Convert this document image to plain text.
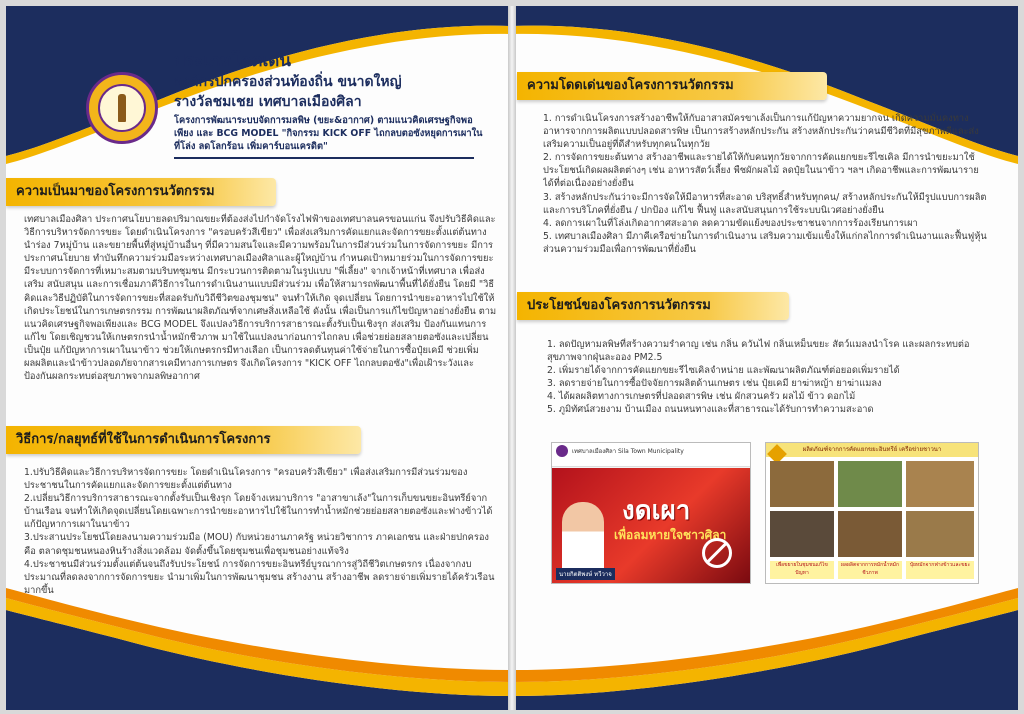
ประเภทโดดเด่น
องค์กรปกครองส่วนท้องถิ่น ขนาดใหญ่
รางวัลชมเชย เทศบาลเมืองศิลา
โครงการพัฒนาระบบจัดการมลพิษ (ขยะ&อากาศ) ตามแนวคิดเศรษฐกิจพอเพียง และ BCG MODEL "กิจกรรม KICK OFF ไถกลบตอซังหยุดการเผาในที่โล่ง ลดโลกร้อน เพิ่มคาร์บอนเครดิต"
ความเป็นมาของโครงการนวัตกรรม
เทศบาลเมืองศิลา ประกาศนโยบายลดปริมาณขยะที่ต้องส่งไปกำจัดโรงไฟฟ้าของเทศบาลนครขอนแก่น จึงปรับวิธีคิดและวิธีการบริหารจัดการขยะ โดยดำเนินโครงการ "ครอบครัวสีเขียว" เพื่อส่งเสริมการคัดแยกและจัดการขยะตั้งแต่ต้นทาง นำร่อง 7หมู่บ้าน และขยายพื้นที่สู่หมู่บ้านอื่นๆ ที่มีความสนใจและมีความพร้อมในการมีส่วนร่วมในการจัดการขยะ มีการประกาศนโยบาย ทำบันทึกความร่วมมือระหว่างเทศบาลเมืองศิลาและผู้ใหญ่บ้าน กำหนดเป้าหมายร่วมในการจัดการขยะ มีระบบการจัดการที่เหมาะสมตามบริบทชุมชน มีกระบวนการติดตามในรูปแบบ "พี่เลี้ยง" จากเจ้าหน้าที่เทศบาล เพื่อส่งเสริม สนับสนุน และการเชื่อมภาคีวิธีการในการดำเนินงานแบบมีส่วนร่วม เพื่อให้สามารถพัฒนาพื้นที่ได้ยั่งยืน โดยมี "วิธีคิดและวิธีปฏิบัติในการจัดการขยะที่สอดรับกับวิถีชีวิตของชุมชน" จนทำให้เกิด จุดเปลี่ยน โดยการนำขยะอาหารไปใช้ให้เกิดประโยชน์ในการเกษตรกรรม การพัฒนาผลิตภัณฑ์จากเศษสิ่งเหลือใช้ ดังนั้น เพื่อเป็นการแก้ไขปัญหาอย่างยั่งยืน ตามแนวคิดเศรษฐกิจพอเพียงและ BCG MODEL จึงแปลงวิธีการบริการสาธารณะตั้งรับเป็นเชิงรุก ส่งเสริม ป้องกันแทนการแก้ไข โดยเชิญชวนให้เกษตรกรนำน้ำหมักชีวภาพ มาใช้ในแปลงนาก่อนการไถกลบ เพื่อช่วยย่อยสลายตอซังและเปลี่ยนเป็นปุ๋ย แก้ปัญหาการเผาในนาข้าว ช่วยให้เกษตรกรมีทางเลือก เป็นการลดต้นทุนค่าใช้จ่ายในการซื้อปุ๋ยเคมี ช่วยเพิ่มผลผลิตและนำข้าวปลอดภัยจากสารเคมีทางการเกษตร จึงเกิดโครงการ "KICK OFF ไถกลบตอซัง"เพื่อเฝ้าระวังและป้องกันผลกระทบต่อสุขภาพจากมลพิษอากาศ
วิธีการ/กลยุทธ์ที่ใช้ในการดำเนินการโครงการ
1.ปรับวิธีคิดและวิธีการบริหารจัดการขยะ โดยดำเนินโครงการ "ครอบครัวสีเขียว" เพื่อส่งเสริมการมีส่วนร่วมของประชาชนในการคัดแยกและจัดการขยะตั้งแต่ต้นทาง
2.เปลี่ยนวิธีการบริการสาธารณะจากตั้งรับเป็นเชิงรุก โดยจ้างเหมาบริการ "อาสาขาเล้ง"ในการเก็บขนขยะอินทรีย์จากบ้านเรือน จนทำให้เกิดจุดเปลี่ยนโดยเฉพาะการนำขยะอาหารไปใช้ในการทำน้ำหมักช่วยย่อยสลายตอซังและฟางข้าวได้ แก้ปัญหาการเผาในนาข้าว
3.ประสานประโยชน์โดยลงนามความร่วมมือ (MOU) กับหน่วยงานภาครัฐ หน่วยวิชาการ ภาคเอกชน และฝ่ายปกครอง คือ ตลาดชุมชนหนองหินร้างสิ่งแวดล้อม จัดตั้งขึ้นโดยชุมชนเพื่อชุมชนอย่างแท้จริง
4.ประชาชนมีส่วนร่วมตั้งแต่ต้นจนถึงรับประโยชน์ การจัดการขยะอินทรีย์บูรณาการสู่วิถีชีวิตเกษตรกร เนื่องจากงบประมาณที่ลดลงจากการจัดการขยะ นำมาเพิ่มในการพัฒนาชุมชน สร้างงาน สร้างอาชีพ ลดรายจ่ายเพิ่มรายได้ครัวเรือนมากขึ้น
ความโดดเด่นของโครงการนวัตกรรม

1. การดำเนินโครงการสร้างอาชีพให้กับอาสาสมัครขาเล้งเป็นการแก้ปัญหาความยากจน เกิดความมั่นคงทางอาหารจากการผลิตแบบปลอดสารพิษ เป็นการสร้างหลักประกัน สร้างหลักประกันว่าคนมีชีวิตที่มีสุขภาพดีและส่งเสริมความเป็นอยู่ที่ดีสำหรับทุกคนในทุกวัย

2. การจัดการขยะต้นทาง สร้างอาชีพและรายได้ให้กับคนทุกวัยจากการคัดแยกขยะรีไซเคิล มีการนำขยะมาใช้ประโยชน์เกิดผลผลิตต่างๆ เช่น อาหารสัตว์เลี้ยง พืชผักผลไม้ ลดปุ๋ยในนาข้าว ฯลฯ เกิดอาชีพและการพัฒนารายได้ที่ต่อเนื่องอย่างยั่งยืน

3. สร้างหลักประกันว่าจะมีการจัดให้มีอาหารที่สะอาด บริสุทธิ์สำหรับทุกคน/ สร้างหลักประกันให้มีรูปแบบการผลิตและการบริโภคที่ยั่งยืน / ปกป้อง แก้ไข ฟื้นฟู และสนับสนุนการใช้ระบบนิเวศอย่างยั่งยืน

4. ลดการเผาในที่โล่งเกิดอากาศสะอาด ลดความขัดแย้งของประชาชนจากการร้องเรียนการเผา

5. เทศบาลเมืองศิลา มีภาคีเครือข่ายในการดำเนินงาน เสริมความเข้มแข็งให้แก่กลไกการดำเนินงานและฟื้นฟูหุ้นส่วนความร่วมมือเพื่อการพัฒนาที่ยั่งยืน

ประโยชน์ของโครงการนวัตกรรม

1. ลดปัญหามลพิษที่สร้างความรำคาญ เช่น กลิ่น ควันไฟ กลิ่นเหม็นขยะ สัตว์แมลงนำโรค และผลกระทบต่อสุขภาพจากฝุ่นละออง PM2.5

2. เพิ่มรายได้จากการคัดแยกขยะรีไซเคิลจำหน่าย และพัฒนาผลิตภัณฑ์ต่อยอดเพิ่มรายได้

3. ลดรายจ่ายในการซื้อปัจจัยการผลิตด้านเกษตร เช่น ปุ๋ยเคมี ยาฆ่าหญ้า ยาฆ่าแมลง

4. ได้ผลผลิตทางการเกษตรที่ปลอดสารพิษ เช่น ผักสวนครัว ผลไม้ ข้าว ดอกไม้

5. ภูมิทัศน์สวยงาม บ้านเมือง ถนนหนทางและที่สาธารณะได้รับการทำความสะอาด

เทศบาลเมืองศิลา Sila Town Municipality
งดเผา
เพื่อลมหายใจชาวศิลา
นายกิตติพงษ์ ทวีวาจ
ผลิตภัณฑ์จากการคัดแยกขยะอินทรีย์ เครือข่ายชาวนา
เพื่อขยายในชุมชนแก้ไขปัญหา
ผลผลิตจากการหมักน้ำหมักชีวภาพ
ปุ๋ยหมักจากฟางข้าวและขยะ
